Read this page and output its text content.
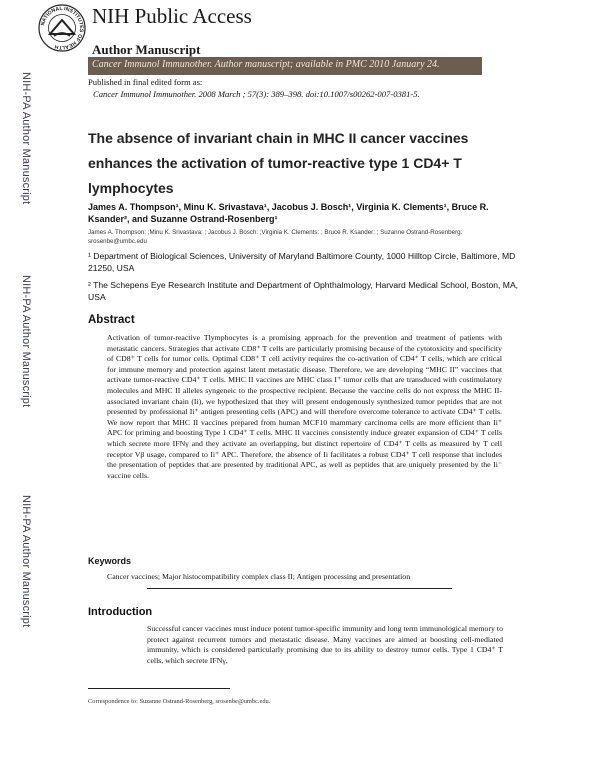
NATIONAL INSTITUTES OF HEALTH
NIH Public Access
Author Manuscript
Cancer Immunol Immunother. Author manuscript; available in PMC 2010 January 24.
Published in final edited form as:
Cancer Immunol Immunother. 2008 March ; 57(3): 389–398. doi:10.1007/s00262-007-0381-5.
NIH-PA Author Manuscript
NIH-PA Author Manuscript
NIH-PA Author Manuscript
The absence of invariant chain in MHC II cancer vaccines enhances the activation of tumor-reactive type 1 CD4+ T lymphocytes
James A. Thompson¹, Minu K. Srivastava¹, Jacobus J. Bosch¹, Virginia K. Clements¹, Bruce R. Ksander², and Suzanne Ostrand-Rosenberg¹
James A. Thompson: ;Minu K. Srivastava: ; Jacobus J. Bosch: ;Virginia K. Clements: ; Bruce R. Ksander: ; Suzanne Ostrand-Rosenberg: srosenbe@umbc.edu
¹ Department of Biological Sciences, University of Maryland Baltimore County, 1000 Hilltop Circle, Baltimore, MD 21250, USA
² The Schepens Eye Research Institute and Department of Ophthalmology, Harvard Medical School, Boston, MA, USA
Abstract
Activation of tumor-reactive Tlymphocytes is a promising approach for the prevention and treatment of patients with metastatic cancers. Strategies that activate CD8⁺ T cells are particularly promising because of the cytotoxicity and specificity of CD8⁺ T cells for tumor cells. Optimal CD8⁺ T cell activity requires the co-activation of CD4⁺ T cells, which are critical for immune memory and protection against latent metastatic disease. Therefore, we are developing “MHC II” vaccines that activate tumor-reactive CD4⁺ T cells. MHC II vaccines are MHC class I⁺ tumor cells that are transduced with costimulatory molecules and MHC II alleles syngeneic to the prospective recipient. Because the vaccine cells do not express the MHC II-associated invariant chain (Ii), we hypothesized that they will present endogenously synthesized tumor peptides that are not presented by professional Ii⁺ antigen presenting cells (APC) and will therefore overcome tolerance to activate CD4⁺ T cells. We now report that MHC II vaccines prepared from human MCF10 mammary carcinoma cells are more efficient than Ii⁺ APC for priming and boosting Type 1 CD4⁺ T cells. MHC II vaccines consistently induce greater expansion of CD4⁺ T cells which secrete more IFNγ and they activate an overlapping, but distinct repertoire of CD4⁺ T cells as measured by T cell receptor Vβ usage, compared to Ii⁺ APC. Therefore, the absence of Ii facilitates a robust CD4⁺ T cell response that includes the presentation of peptides that are presented by traditional APC, as well as peptides that are uniquely presented by the Ii⁻ vaccine cells.
Keywords
Cancer vaccines; Major histocompatibility complex class II; Antigen processing and presentation
Introduction
Successful cancer vaccines must induce potent tumor-specific immunity and long term immunological memory to protect against recurrent tumors and metastatic disease. Many vaccines are aimed at boosting cell-mediated immunity, which is considered particularly promising due to its ability to destroy tumor cells. Type 1 CD4⁺ T cells, which secrete IFNγ,
Correspondence to: Suzanne Ostrand-Rosenberg, srosenbe@umbc.edu.
